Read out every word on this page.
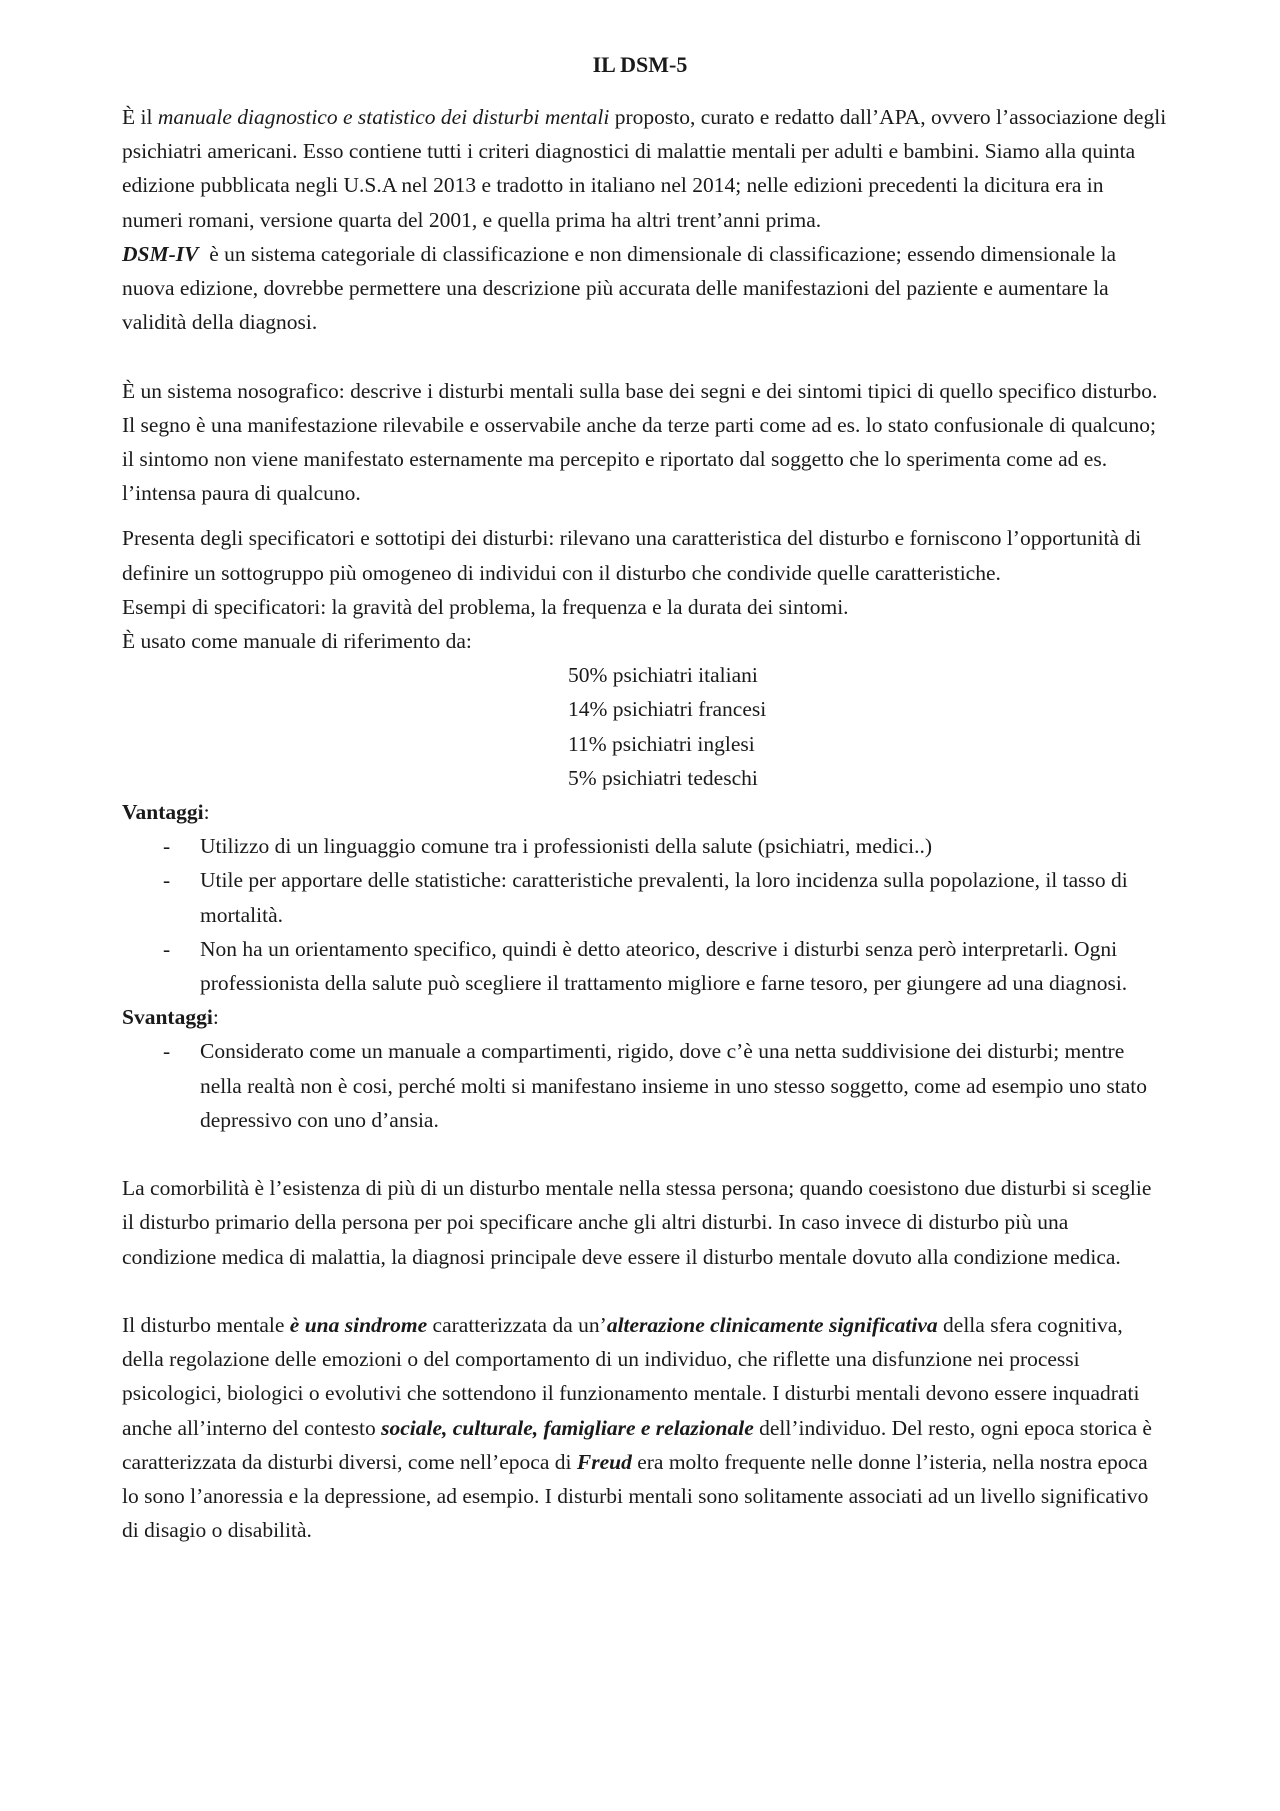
IL DSM-5

È il manuale diagnostico e statistico dei disturbi mentali proposto, curato e redatto dall’APA, ovvero l’associazione degli psichiatri americani. Esso contiene tutti i criteri diagnostici di malattie mentali per adulti e bambini. Siamo alla quinta edizione pubblicata negli U.S.A nel 2013 e tradotto in italiano nel 2014; nelle edizioni precedenti la dicitura era in numeri romani, versione quarta del 2001, e quella prima ha altri trent’anni prima.

DSM-IV  è un sistema categoriale di classificazione e non dimensionale di classificazione; essendo dimensionale la nuova edizione, dovrebbe permettere una descrizione più accurata delle manifestazioni del paziente e aumentare la validità della diagnosi.

È un sistema nosografico: descrive i disturbi mentali sulla base dei segni e dei sintomi tipici di quello specifico disturbo. Il segno è una manifestazione rilevabile e osservabile anche da terze parti come ad es. lo stato confusionale di qualcuno; il sintomo non viene manifestato esternamente ma percepito e riportato dal soggetto che lo sperimenta come ad es. l’intensa paura di qualcuno.

Presenta degli specificatori e sottotipi dei disturbi: rilevano una caratteristica del disturbo e forniscono l’opportunità di definire un sottogruppo più omogeneo di individui con il disturbo che condivide quelle caratteristiche.

Esempi di specificatori: la gravità del problema, la frequenza e la durata dei sintomi.

È usato come manuale di riferimento da:

50% psichiatri italiani

14% psichiatri francesi

11% psichiatri inglesi

5% psichiatri tedeschi

Vantaggi:

- Utilizzo di un linguaggio comune tra i professionisti della salute (psichiatri, medici..)
- Utile per apportare delle statistiche: caratteristiche prevalenti, la loro incidenza sulla popolazione, il tasso di mortalità.
- Non ha un orientamento specifico, quindi è detto ateorico, descrive i disturbi senza però interpretarli. Ogni professionista della salute può scegliere il trattamento migliore e farne tesoro, per giungere ad una diagnosi.

Svantaggi:

- Considerato come un manuale a compartimenti, rigido, dove c’è una netta suddivisione dei disturbi; mentre nella realtà non è cosi, perché molti si manifestano insieme in uno stesso soggetto, come ad esempio uno stato depressivo con uno d’ansia.

La comorbilità è l’esistenza di più di un disturbo mentale nella stessa persona; quando coesistono due disturbi si sceglie il disturbo primario della persona per poi specificare anche gli altri disturbi. In caso invece di disturbo più una condizione medica di malattia, la diagnosi principale deve essere il disturbo mentale dovuto alla condizione medica.

Il disturbo mentale è una sindrome caratterizzata da un’alterazione clinicamente significativa della sfera cognitiva, della regolazione delle emozioni o del comportamento di un individuo, che riflette una disfunzione nei processi psicologici, biologici o evolutivi che sottendono il funzionamento mentale. I disturbi mentali devono essere inquadrati anche all’interno del contesto sociale, culturale, famigliare e relazionale dell’individuo. Del resto, ogni epoca storica è caratterizzata da disturbi diversi, come nell’epoca di Freud era molto frequente nelle donne l’isteria, nella nostra epoca lo sono l’anoressia e la depressione, ad esempio. I disturbi mentali sono solitamente associati ad un livello significativo di disagio o disabilità.
